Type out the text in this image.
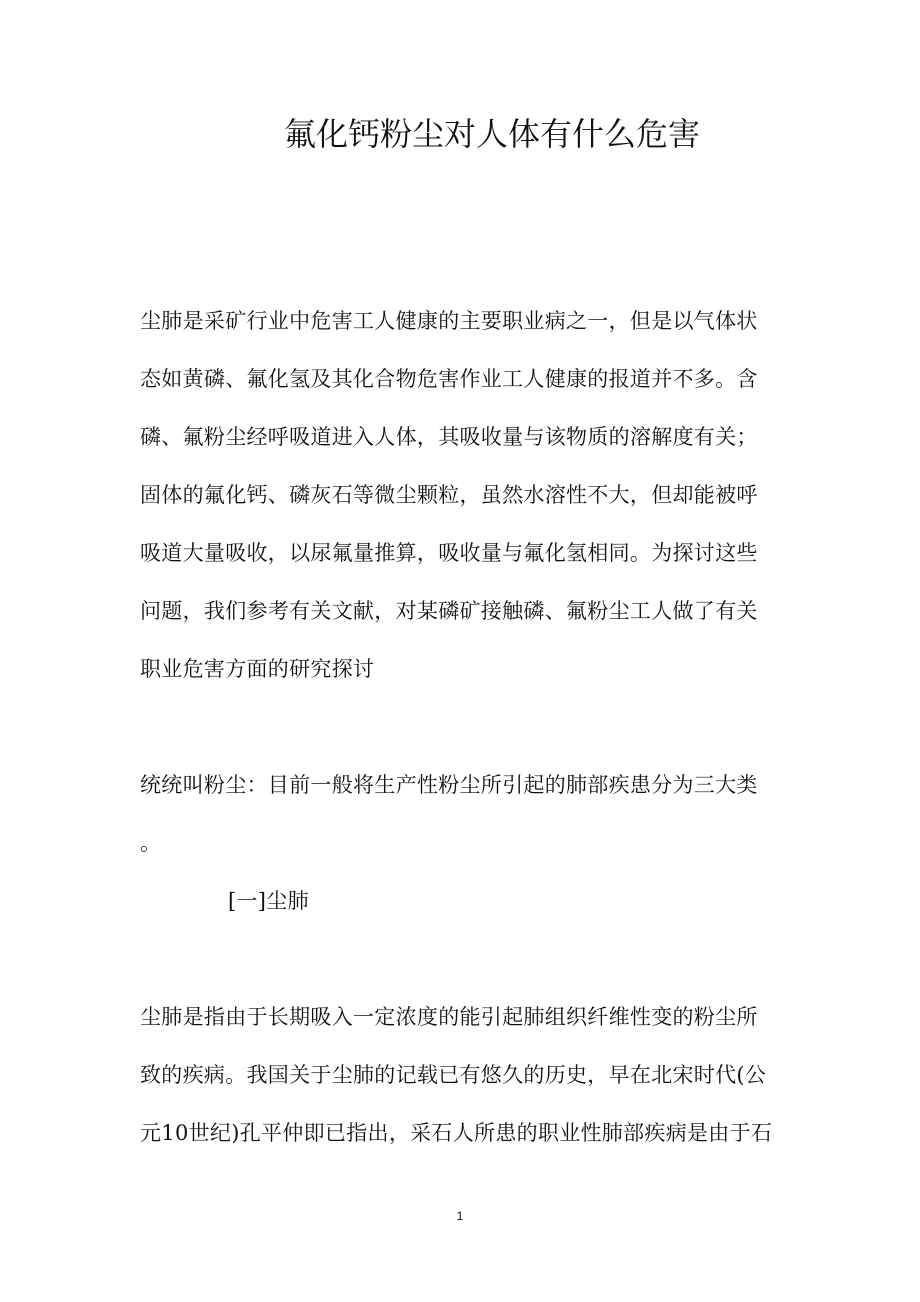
氟化钙粉尘对人体有什么危害
尘肺是采矿行业中危害工人健康的主要职业病之一，但是以气体状
态如黄磷、氟化氢及其化合物危害作业工人健康的报道并不多。含
磷、氟粉尘经呼吸道进入人体，其吸收量与该物质的溶解度有关；
固体的氟化钙、磷灰石等微尘颗粒，虽然水溶性不大，但却能被呼
吸道大量吸收，以尿氟量推算，吸收量与氟化氢相同。为探讨这些
问题，我们参考有关文献，对某磷矿接触磷、氟粉尘工人做了有关
职业危害方面的研究探讨
统统叫粉尘：目前一般将生产性粉尘所引起的肺部疾患分为三大类
。
[一]尘肺
尘肺是指由于长期吸入一定浓度的能引起肺组织纤维性变的粉尘所
致的疾病。我国关于尘肺的记载已有悠久的历史，早在北宋时代(公
元10世纪)孔平仲即已指出，采石人所患的职业性肺部疾病是由于石
1
